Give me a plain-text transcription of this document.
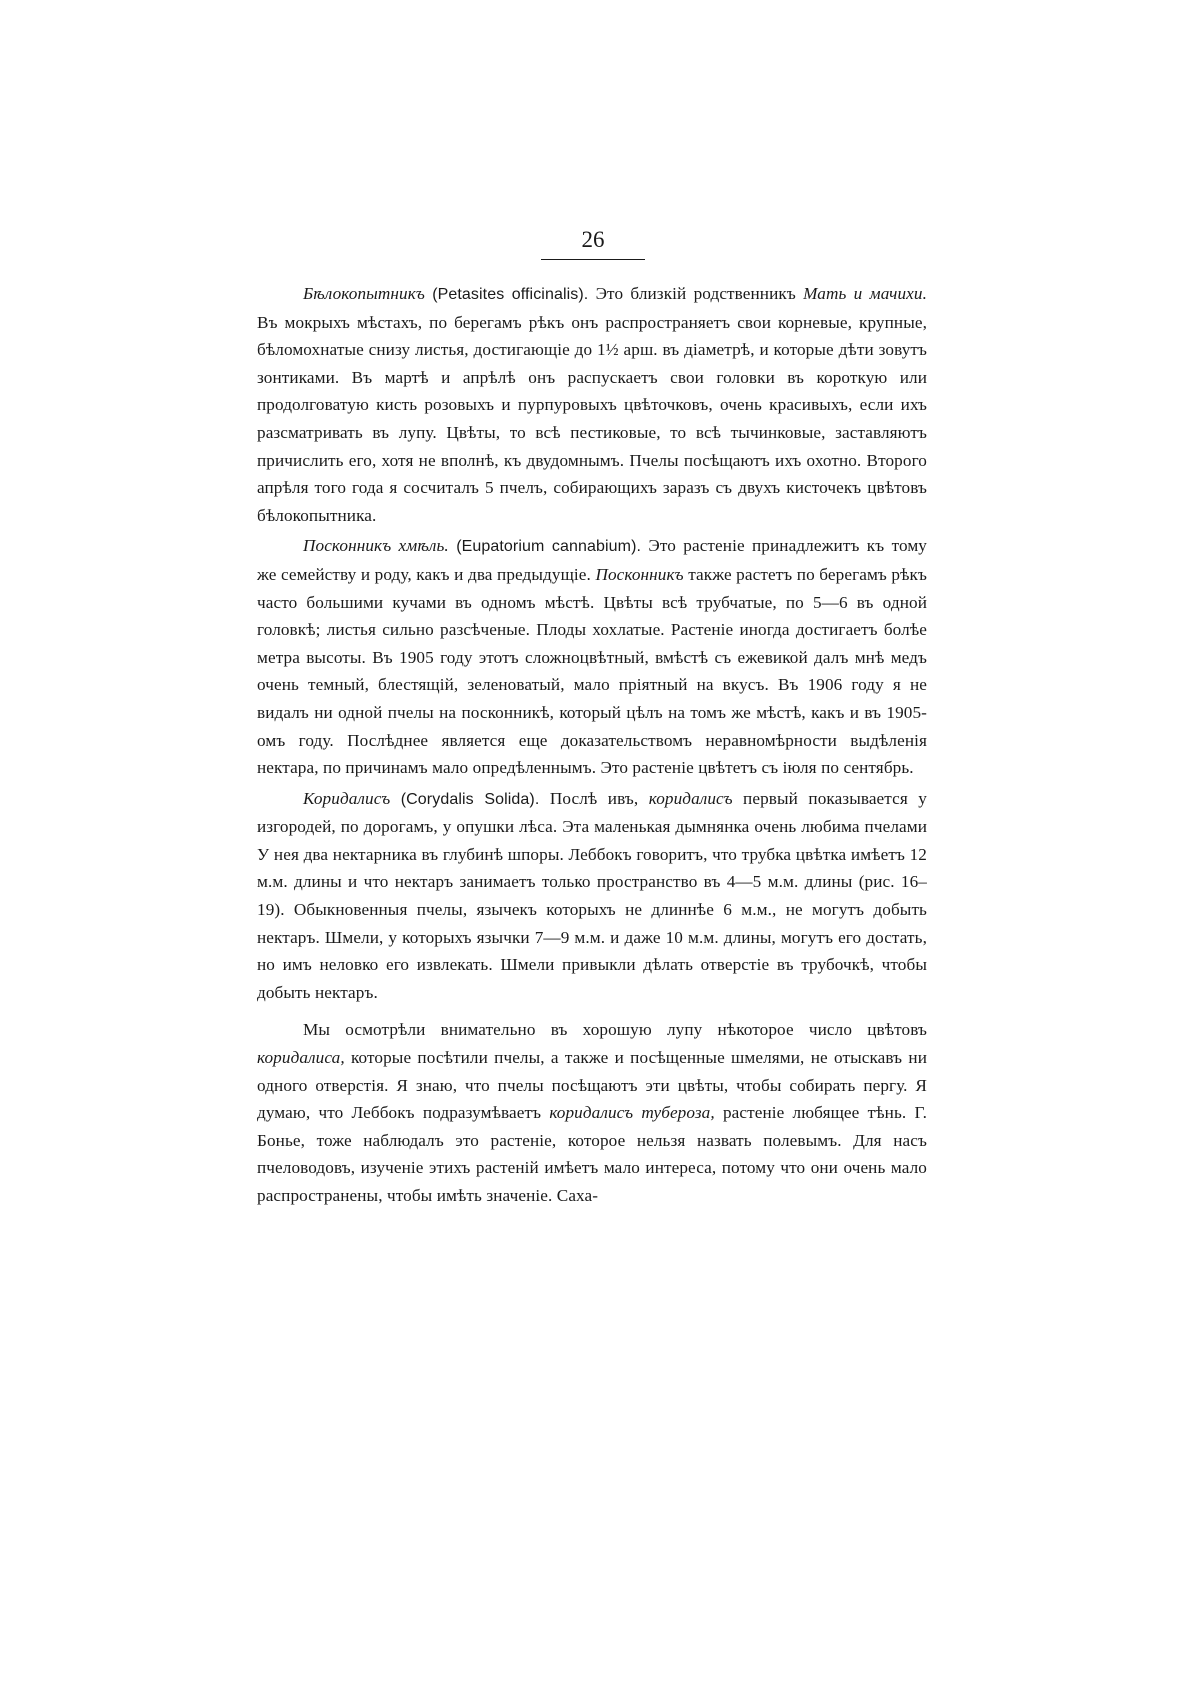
26

Бѣлокопытникъ (Petasites officinalis). Это близкій родственникъ Мать и мачихи. Въ мокрыхъ мѣстахъ, по берегамъ рѣкъ онъ распространяетъ свои корневые, крупные, бѣломохнатые снизу листья, достигающіе до 1½ арш. въ діаметрѣ, и которые дѣти зовутъ зонтиками. Въ мартѣ и апрѣлѣ онъ распускаетъ свои головки въ короткую или продолговатую кисть розовыхъ и пурпуровыхъ цвѣточковъ, очень красивыхъ, если ихъ разсматривать въ лупу. Цвѣты, то всѣ пестиковые, то всѣ тычинковые, заставляютъ причислить его, хотя не вполнѣ, къ двудомнымъ. Пчелы посѣщаютъ ихъ охотно. Второго апрѣля того года я сосчиталъ 5 пчелъ, собирающихъ заразъ съ двухъ кисточекъ цвѣтовъ бѣлокопытника.

Посконникъ хмѣль. (Eupatorium cannabium). Это растеніе принадлежитъ къ тому же семейству и роду, какъ и два предыдущіе. Посконникъ также растетъ по берегамъ рѣкъ часто большими кучами въ одномъ мѣстѣ. Цвѣты всѣ трубчатые, по 5—6 въ одной головкѣ; листья сильно разсѣченые. Плоды хохлатые. Растеніе иногда достигаетъ болѣе метра высоты. Въ 1905 году этотъ сложноцвѣтный, вмѣстѣ съ ежевикой далъ мнѣ медъ очень темный, блестящій, зеленоватый, мало пріятный на вкусъ. Въ 1906 году я не видалъ ни одной пчелы на посконникѣ, который цѣлъ на томъ же мѣстѣ, какъ и въ 1905-омъ году. Послѣднее является еще доказательствомъ неравномѣрности выдѣленія нектара, по причинамъ мало опредѣленнымъ. Это растеніе цвѣтетъ съ іюля по сентябрь.

Коридалисъ (Corydalis Solida). Послѣ ивъ, коридалисъ первый показывается у изгородей, по дорогамъ, у опушки лѣса. Эта маленькая дымнянка очень любима пчелами У нея два нектарника въ глубинѣ шпоры. Леббокъ говоритъ, что трубка цвѣтка имѣетъ 12 м.м. длины и что нектаръ занимаетъ только пространство въ 4—5 м.м. длины (рис. 16–19). Обыкновенныя пчелы, язычекъ которыхъ не длиннѣе 6 м.м., не могутъ добыть нектаръ. Шмели, у которыхъ язычки 7—9 м.м. и даже 10 м.м. длины, могутъ его достать, но имъ неловко его извлекать. Шмели привыкли дѣлать отверстіе въ трубочкѣ, чтобы добыть нектаръ.

Мы осмотрѣли внимательно въ хорошую лупу нѣкоторое число цвѣтовъ коридалиса, которые посѣтили пчелы, а также и посѣщенные шмелями, не отыскавъ ни одного отверстія. Я знаю, что пчелы посѣщаютъ эти цвѣты, чтобы собирать пергу. Я думаю, что Леббокъ подразумѣваетъ коридалисъ туберозa, растеніе любящее тѣнь. Г. Боньe, тоже наблюдалъ это растеніе, которое нельзя назвать полевымъ. Для насъ пчеловодовъ, изученіе этихъ растеній имѣетъ мало интереса, потому что они очень мало распространены, чтобы имѣть значеніе. Саха-
